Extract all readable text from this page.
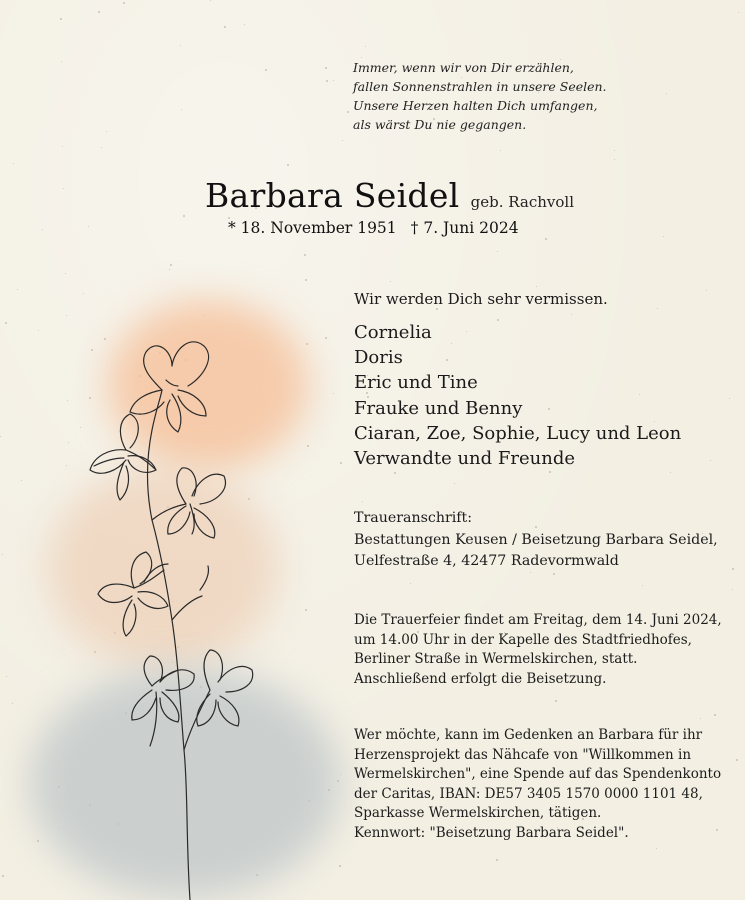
Immer, wenn wir von Dir erzählen,
fallen Sonnenstrahlen in unsere Seelen.
Unsere Herzen halten Dich umfangen,
als wärst Du nie gegangen.
Barbara Seidel geb. Rachvoll
* 18. November 1951 † 7. Juni 2024
Wir werden Dich sehr vermissen.
Cornelia
Doris
Eric und Tine
Frauke und Benny
Ciaran, Zoe, Sophie, Lucy und Leon
Verwandte und Freunde
Traueranschrift:
Bestattungen Keusen / Beisetzung Barbara Seidel,
Uelfestraße 4, 42477 Radevormwald
Die Trauerfeier findet am Freitag, dem 14. Juni 2024,
um 14.00 Uhr in der Kapelle des Stadtfriedhofes,
Berliner Straße in Wermelskirchen, statt.
Anschließend erfolgt die Beisetzung.
Wer möchte, kann im Gedenken an Barbara für ihr
Herzensprojekt das Nähcafe von "Willkommen in
Wermelskirchen", eine Spende auf das Spendenkonto
der Caritas, IBAN: DE57 3405 1570 0000 1101 48,
Sparkasse Wermelskirchen, tätigen.
Kennwort: "Beisetzung Barbara Seidel".
